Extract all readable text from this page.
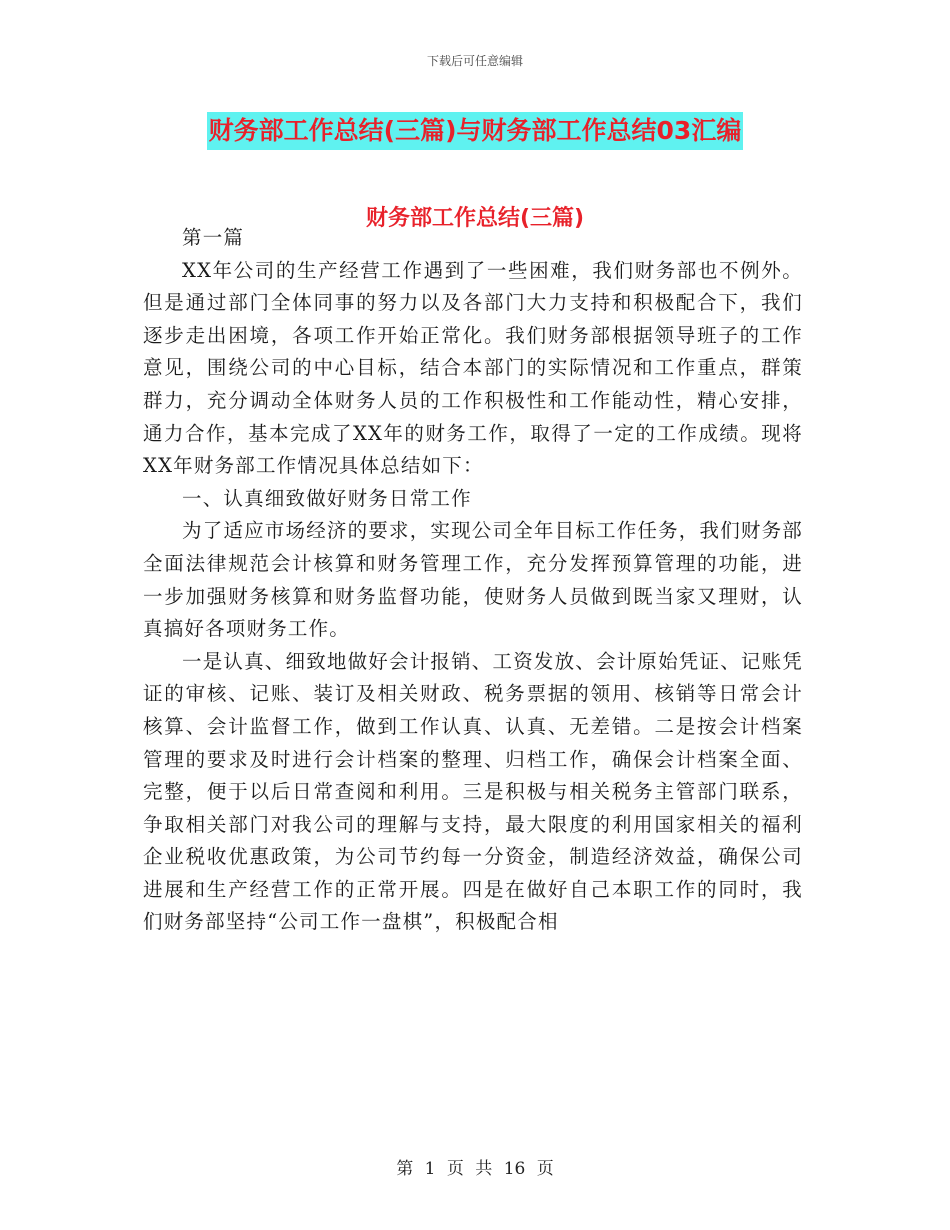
下载后可任意编辑
财务部工作总结(三篇)与财务部工作总结03汇编
财务部工作总结(三篇)

第一篇

XX年公司的生产经营工作遇到了一些困难，我们财务部也不例外。但是通过部门全体同事的努力以及各部门大力支持和积极配合下，我们逐步走出困境，各项工作开始正常化。我们财务部根据领导班子的工作意见，围绕公司的中心目标，结合本部门的实际情况和工作重点，群策群力，充分调动全体财务人员的工作积极性和工作能动性，精心安排，通力合作，基本完成了XX年的财务工作，取得了一定的工作成绩。现将XX年财务部工作情况具体总结如下：

一、认真细致做好财务日常工作

为了适应市场经济的要求，实现公司全年目标工作任务，我们财务部全面法律规范会计核算和财务管理工作，充分发挥预算管理的功能，进一步加强财务核算和财务监督功能，使财务人员做到既当家又理财，认真搞好各项财务工作。

一是认真、细致地做好会计报销、工资发放、会计原始凭证、记账凭证的审核、记账、装订及相关财政、税务票据的领用、核销等日常会计核算、会计监督工作，做到工作认真、认真、无差错。二是按会计档案管理的要求及时进行会计档案的整理、归档工作，确保会计档案全面、完整，便于以后日常查阅和利用。三是积极与相关税务主管部门联系，争取相关部门对我公司的理解与支持，最大限度的利用国家相关的福利企业税收优惠政策，为公司节约每一分资金，制造经济效益，确保公司进展和生产经营工作的正常开展。四是在做好自己本职工作的同时，我们财务部坚持“公司工作一盘棋”，积极配合相

第 1 页 共 16 页
